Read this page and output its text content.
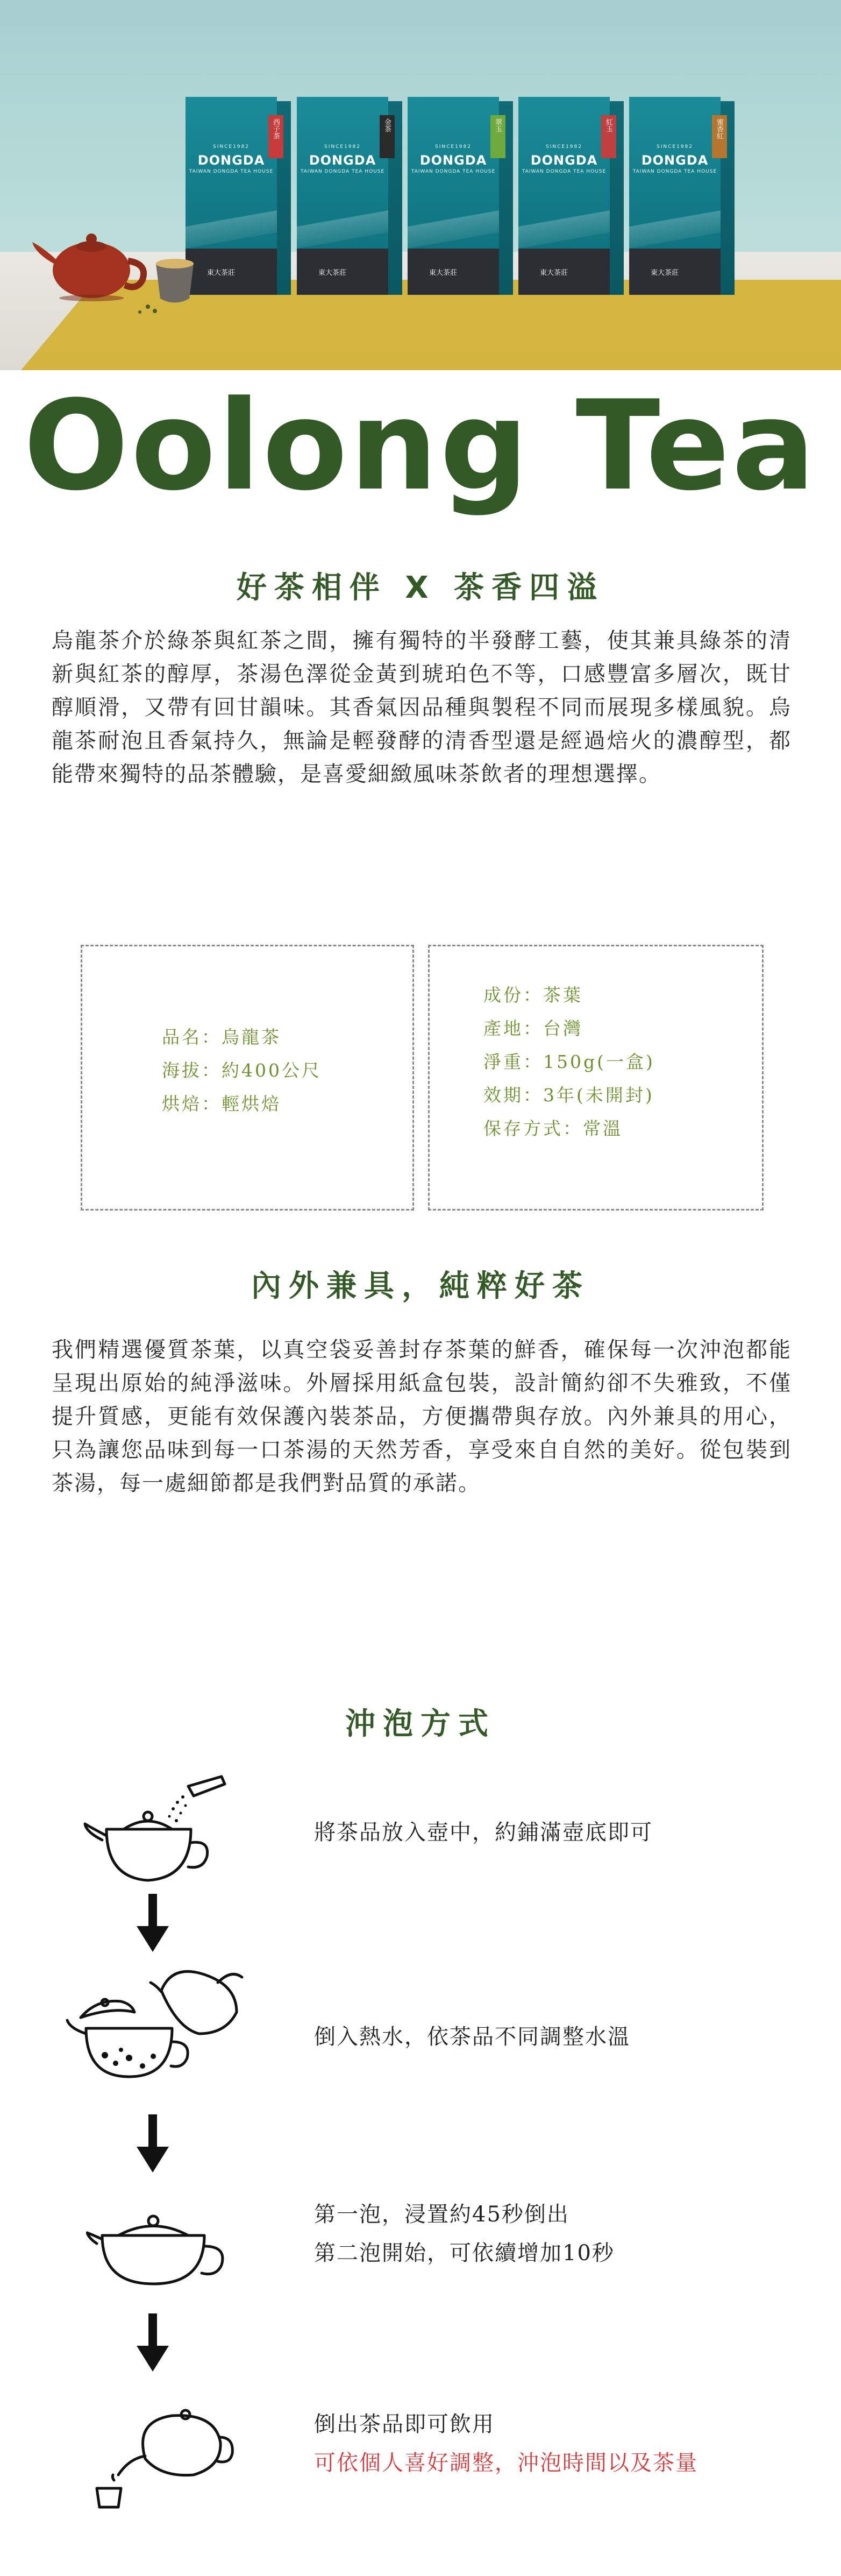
SINCE1982
DONGDA
TAIWAN DONGDA TEA HOUSE
西子茶
東大茶莊
SINCE1982
DONGDA
TAIWAN DONGDA TEA HOUSE
金茶
東大茶莊
SINCE1982
DONGDA
TAIWAN DONGDA TEA HOUSE
翠玉
東大茶莊
SINCE1982
DONGDA
TAIWAN DONGDA TEA HOUSE
紅玉
東大茶莊
SINCE1982
DONGDA
TAIWAN DONGDA TEA HOUSE
蜜香紅
東大茶莊
Oolong Tea
好茶相伴 X 茶香四溢
烏龍茶介於綠茶與紅茶之間，擁有獨特的半發酵工藝，使其兼具綠茶的清新與紅茶的醇厚，茶湯色澤從金黃到琥珀色不等，口感豐富多層次，既甘醇順滑，又帶有回甘韻味。其香氣因品種與製程不同而展現多樣風貌。烏龍茶耐泡且香氣持久，無論是輕發酵的清香型還是經過焙火的濃醇型，都能帶來獨特的品茶體驗，是喜愛細緻風味茶飲者的理想選擇。
品名：烏龍茶
海拔：約400公尺
烘焙：輕烘焙
成份：茶葉
產地：台灣
淨重：150g(一盒)
效期：3年(未開封)
保存方式：常溫
內外兼具，純粹好茶
我們精選優質茶葉，以真空袋妥善封存茶葉的鮮香，確保每一次沖泡都能呈現出原始的純淨滋味。外層採用紙盒包裝，設計簡約卻不失雅致，不僅提升質感，更能有效保護內裝茶品，方便攜帶與存放。內外兼具的用心，只為讓您品味到每一口茶湯的天然芳香，享受來自自然的美好。從包裝到茶湯，每一處細節都是我們對品質的承諾。
沖泡方式
將茶品放入壺中，約鋪滿壺底即可
倒入熱水，依茶品不同調整水溫
第一泡，浸置約45秒倒出
第二泡開始，可依續增加10秒
倒出茶品即可飲用
可依個人喜好調整，沖泡時間以及茶量
